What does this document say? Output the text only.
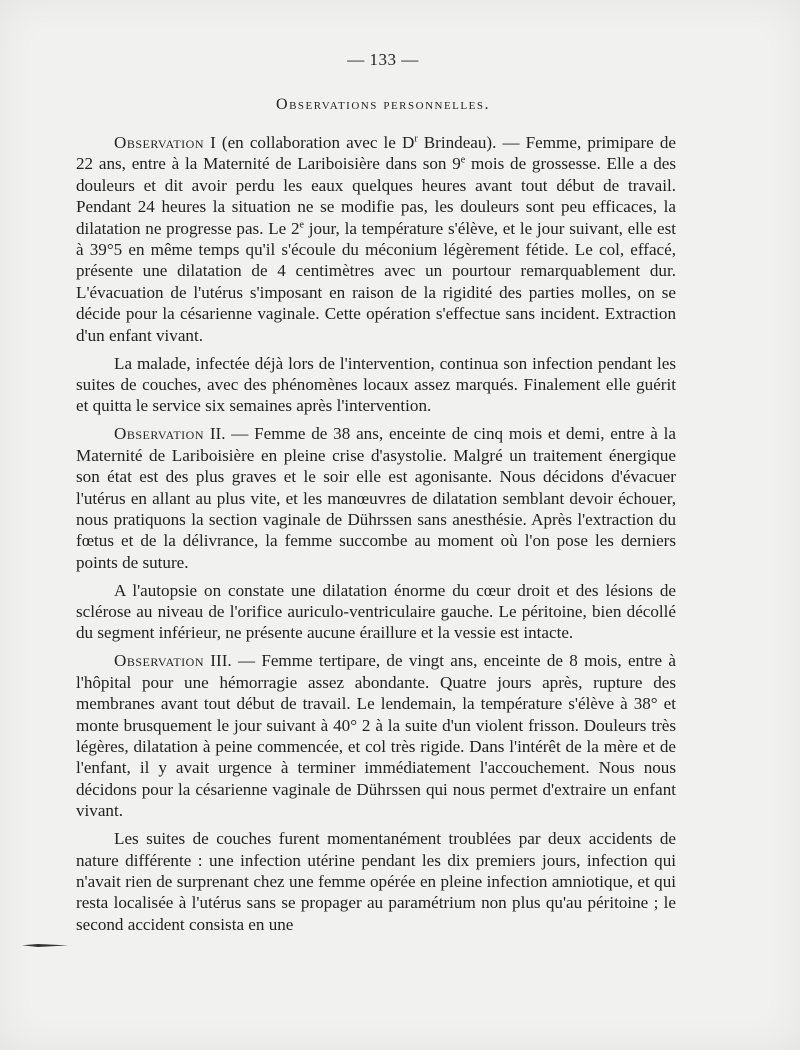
— 133 —
Observations personnelles.

Observation I (en collaboration avec le $D^r$ Brindeau). — Femme, primipare de 22 ans, entre à la Maternité de Lariboisière dans son 9e mois de grossesse. Elle a des douleurs et dit avoir perdu les eaux quelques heures avant tout début de travail. Pendant 24 heures la situation ne se modifie pas, les douleurs sont peu efficaces, la dilatation ne progresse pas. Le 2e jour, la température s'élève, et le jour suivant, elle est à 39°5 en même temps qu'il s'écoule du méconium légèrement fétide. Le col, effacé, présente une dilatation de 4 centimètres avec un pourtour remarquablement dur. L'évacuation de l'utérus s'imposant en raison de la rigidité des parties molles, on se décide pour la césarienne vaginale. Cette opération s'effectue sans incident. Extraction d'un enfant vivant.

La malade, infectée déjà lors de l'intervention, continua son infection pendant les suites de couches, avec des phénomènes locaux assez marqués. Finalement elle guérit et quitta le service six semaines après l'intervention.

Observation II. — Femme de 38 ans, enceinte de cinq mois et demi, entre à la Maternité de Lariboisière en pleine crise d'asystolie. Malgré un traitement énergique son état est des plus graves et le soir elle est agonisante. Nous décidons d'évacuer l'utérus en allant au plus vite, et les manœuvres de dilatation semblant devoir échouer, nous pratiquons la section vaginale de Dührssen sans anesthésie. Après l'extraction du fœtus et de la délivrance, la femme succombe au moment où l'on pose les derniers points de suture.

A l'autopsie on constate une dilatation énorme du cœur droit et des lésions de sclérose au niveau de l'orifice auriculo-ventriculaire gauche. Le péritoine, bien décollé du segment inférieur, ne présente aucune éraillure et la vessie est intacte.

Observation III. — Femme tertipare, de vingt ans, enceinte de 8 mois, entre à l'hôpital pour une hémorragie assez abondante. Quatre jours après, rupture des membranes avant tout début de travail. Le lendemain, la température s'élève à 38° et monte brusquement le jour suivant à 40° 2 à la suite d'un violent frisson. Douleurs très légères, dilatation à peine commencée, et col très rigide. Dans l'intérêt de la mère et de l'enfant, il y avait urgence à terminer immédiatement l'accouchement. Nous nous décidons pour la césarienne vaginale de Dührssen qui nous permet d'extraire un enfant vivant.

Les suites de couches furent momentanément troublées par deux accidents de nature différente : une infection utérine pendant les dix premiers jours, infection qui n'avait rien de surprenant chez une femme opérée en pleine infection amniotique, et qui resta localisée à l'utérus sans se propager au paramétrium non plus qu'au péritoine ; le second accident consista en une
